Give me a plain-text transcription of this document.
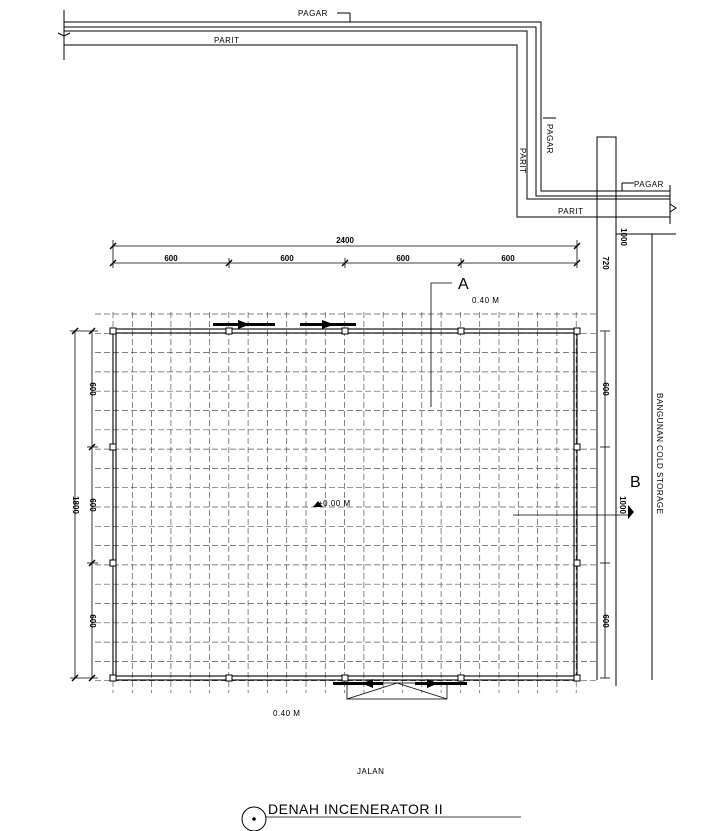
PAGAR
PARIT
PAGAR
PARIT
PAGAR
PARIT
BANGUNAN COLD STORAGE
A
B
0.40 M
+0.00 M
0.40 M
JALAN
2400
600	600	600	600
1000
720
1800
600
600
600
600
1000
600
DENAH INCENERATOR II
